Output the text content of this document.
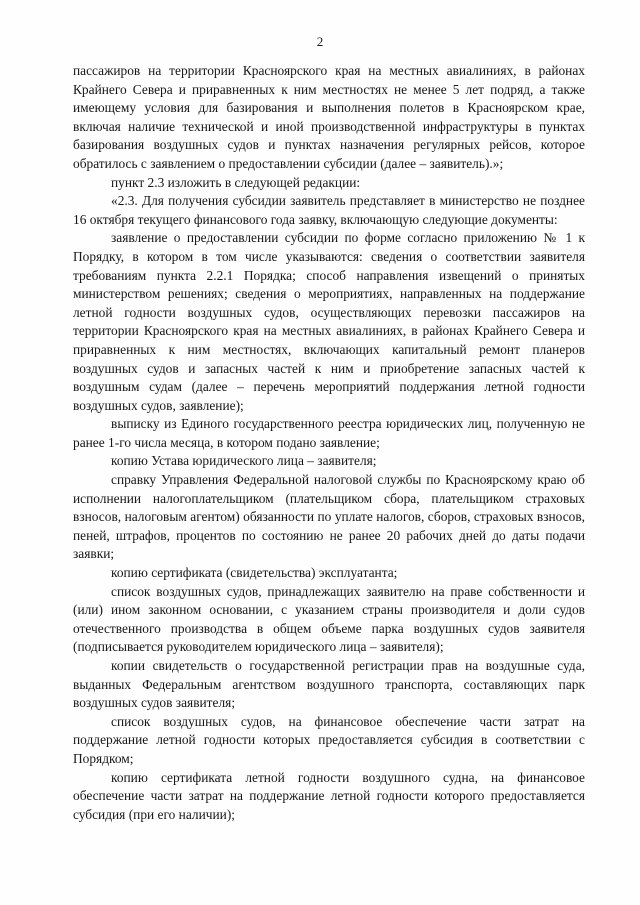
2

пассажиров на территории Красноярского края на местных авиалиниях, в районах Крайнего Севера и приравненных к ним местностях не менее 5 лет подряд, а также имеющему условия для базирования и выполнения полетов в Красноярском крае, включая наличие технической и иной производственной инфраструктуры в пунктах базирования воздушных судов и пунктах назначения регулярных рейсов, которое обратилось с заявлением о предоставлении субсидии (далее – заявитель).»;

пункт 2.3 изложить в следующей редакции:

«2.3. Для получения субсидии заявитель представляет в министерство не позднее 16 октября текущего финансового года заявку, включающую следующие документы:

заявление о предоставлении субсидии по форме согласно приложению № 1 к Порядку, в котором в том числе указываются: сведения о соответствии заявителя требованиям пункта 2.2.1 Порядка; способ направления извещений о принятых министерством решениях; сведения о мероприятиях, направленных на поддержание летной годности воздушных судов, осуществляющих перевозки пассажиров на территории Красноярского края на местных авиалиниях, в районах Крайнего Севера и приравненных к ним местностях, включающих капитальный ремонт планеров воздушных судов и запасных частей к ним и приобретение запасных частей к воздушным судам (далее – перечень мероприятий поддержания летной годности воздушных судов, заявление);

выписку из Единого государственного реестра юридических лиц, полученную не ранее 1-го числа месяца, в котором подано заявление;

копию Устава юридического лица – заявителя;

справку Управления Федеральной налоговой службы по Красноярскому краю об исполнении налогоплательщиком (плательщиком сбора, плательщиком страховых взносов, налоговым агентом) обязанности по уплате налогов, сборов, страховых взносов, пеней, штрафов, процентов по состоянию не ранее 20 рабочих дней до даты подачи заявки;

копию сертификата (свидетельства) эксплуатанта;

список воздушных судов, принадлежащих заявителю на праве собственности и (или) ином законном основании, с указанием страны производителя и доли судов отечественного производства в общем объеме парка воздушных судов заявителя (подписывается руководителем юридического лица – заявителя);

копии свидетельств о государственной регистрации прав на воздушные суда, выданных Федеральным агентством воздушного транспорта, составляющих парк воздушных судов заявителя;

список воздушных судов, на финансовое обеспечение части затрат на поддержание летной годности которых предоставляется субсидия в соответствии с Порядком;

копию сертификата летной годности воздушного судна, на финансовое обеспечение части затрат на поддержание летной годности которого предоставляется субсидия (при его наличии);
